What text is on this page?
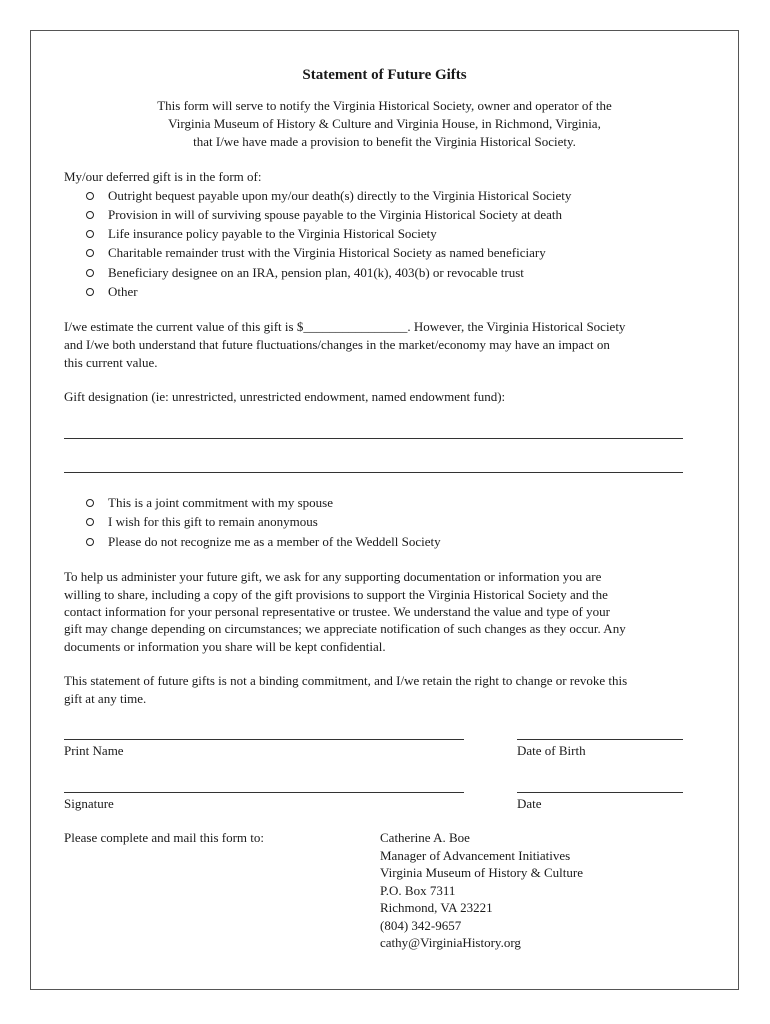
Statement of Future Gifts
This form will serve to notify the Virginia Historical Society, owner and operator of the
Virginia Museum of History & Culture and Virginia House, in Richmond, Virginia,
that I/we have made a provision to benefit the Virginia Historical Society.
My/our deferred gift is in the form of:
Outright bequest payable upon my/our death(s) directly to the Virginia Historical Society
Provision in will of surviving spouse payable to the Virginia Historical Society at death
Life insurance policy payable to the Virginia Historical Society
Charitable remainder trust with the Virginia Historical Society as named beneficiary
Beneficiary designee on an IRA, pension plan, 401(k), 403(b) or revocable trust
Other
I/we estimate the current value of this gift is $________________. However, the Virginia Historical Society
and I/we both understand that future fluctuations/changes in the market/economy may have an impact on
this current value.
Gift designation (ie: unrestricted, unrestricted endowment, named endowment fund):
This is a joint commitment with my spouse
I wish for this gift to remain anonymous
Please do not recognize me as a member of the Weddell Society
To help us administer your future gift, we ask for any supporting documentation or information you are
willing to share, including a copy of the gift provisions to support the Virginia Historical Society and the
contact information for your personal representative or trustee. We understand the value and type of your
gift may change depending on circumstances; we appreciate notification of such changes as they occur. Any
documents or information you share will be kept confidential.
This statement of future gifts is not a binding commitment, and I/we retain the right to change or revoke this
gift at any time.
Print Name	Date of Birth
Signature	Date
Please complete and mail this form to:	Catherine A. Boe
Manager of Advancement Initiatives
Virginia Museum of History & Culture
P.O. Box 7311
Richmond, VA 23221
(804) 342-9657
cathy@VirginiaHistory.org
